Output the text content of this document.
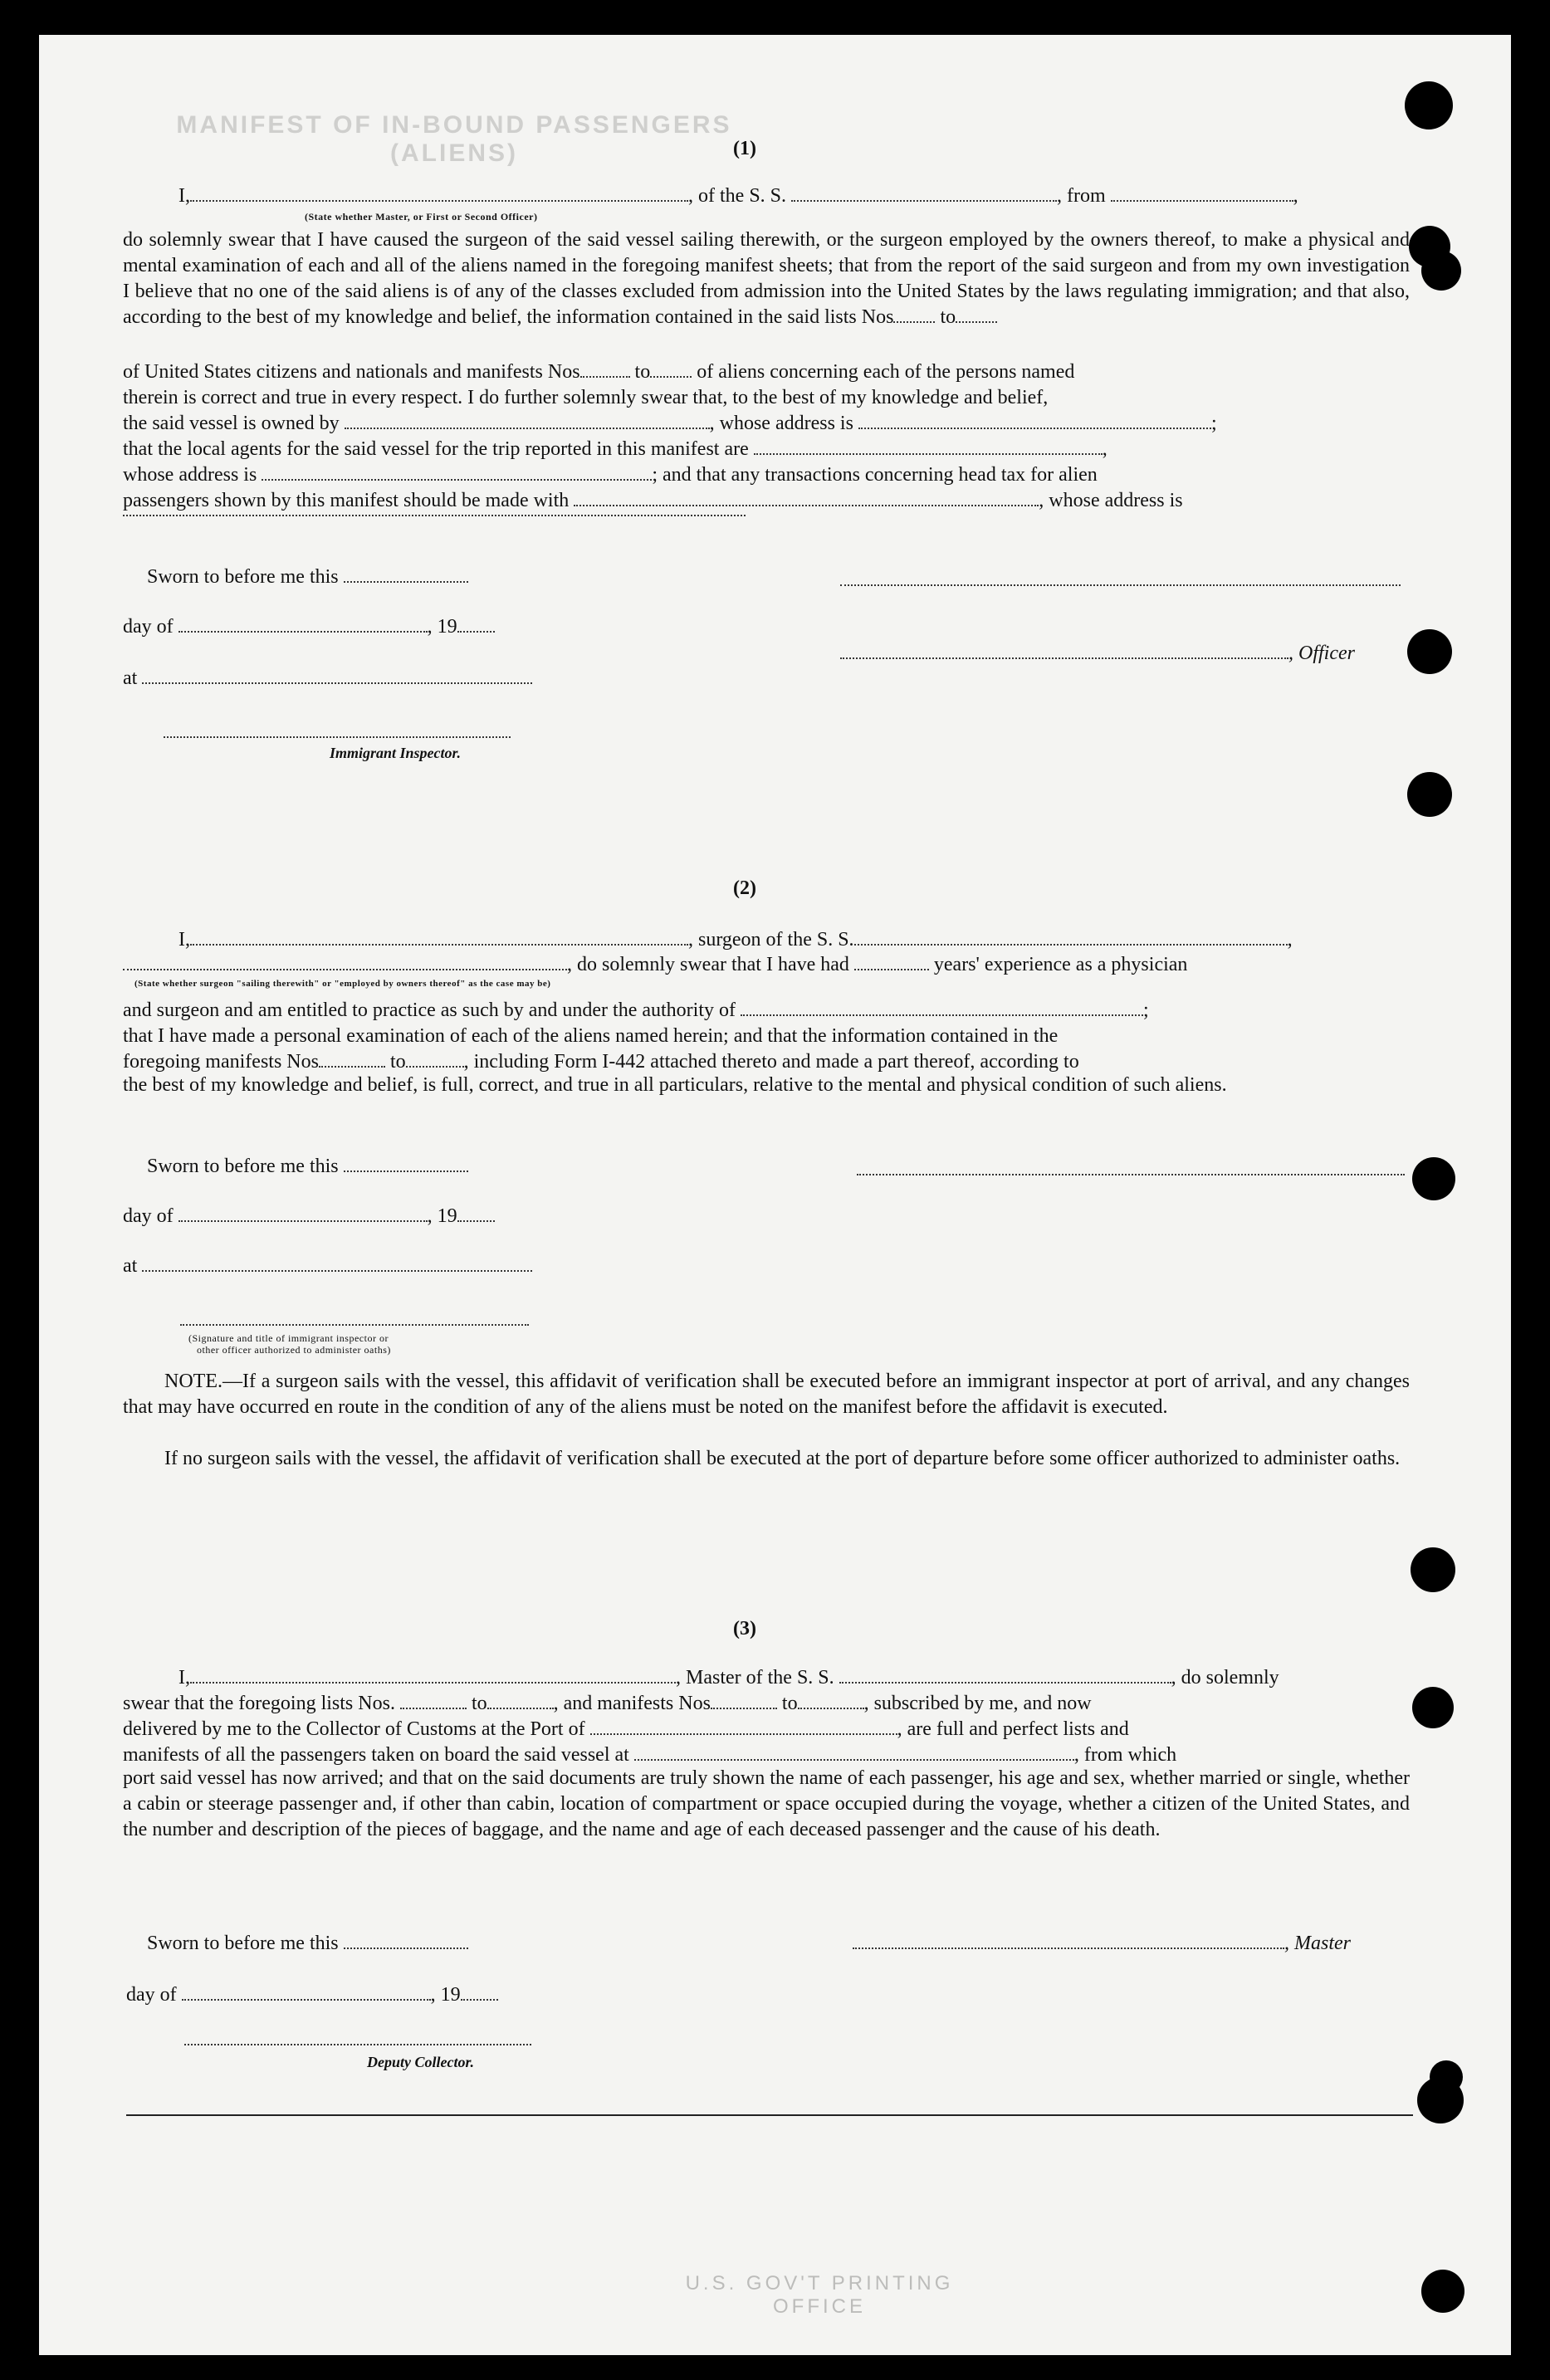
MANIFEST OF IN-BOUND PASSENGERS (ALIENS)
U.S. GOV'T PRINTING OFFICE
(1)
I,	, of the S. S.	, from	,
(State whether Master, or First or Second Officer)
do solemnly swear that I have caused the surgeon of the said vessel sailing therewith, or the surgeon employed by the owners thereof, to make a physical and mental examination of each and all of the aliens named in the foregoing manifest sheets; that from the report of the said surgeon and from my own investigation I believe that no one of the said aliens is of any of the classes excluded from admission into the United States by the laws regulating immigration; and that also, according to the best of my knowledge and belief, the information contained in the said lists Nos to
of United States citizens and nationals and manifests Nos	to of aliens concerning each of the persons named
therein is correct and true in every respect. I do further solemnly swear that, to the best of my knowledge and belief,
the said vessel is owned by	, whose address is	;
that the local agents for the said vessel for the trip reported in this manifest are	,
whose address is	; and that any transactions concerning head tax for alien
passengers shown by this manifest should be made with	, whose address is
Sworn to before me this
day of	, 19
, Officer
at
Immigrant Inspector.
(2)
I,	, surgeon of the S. S.	,
, do solemnly swear that I have had	years' experience as a physician
(State whether surgeon "sailing therewith" or "employed by owners thereof" as the case may be)
and surgeon and am entitled to practice as such by and under the authority of	;
that I have made a personal examination of each of the aliens named herein; and that the information contained in the
foregoing manifests Nos	to	, including Form I-442 attached thereto and made a part thereof, according to
the best of my knowledge and belief, is full, correct, and true in all particulars, relative to the mental and physical condition of such aliens.
Sworn to before me this
day of	, 19
at
(Signature and title of immigrant inspector or
other officer authorized to administer oaths)
NOTE.—If a surgeon sails with the vessel, this affidavit of verification shall be executed before an immigrant inspector at port of arrival, and any changes that may have occurred en route in the condition of any of the aliens must be noted on the manifest before the affidavit is executed.
If no surgeon sails with the vessel, the affidavit of verification shall be executed at the port of departure before some officer authorized to administer oaths.
(3)
I,	, Master of the S. S.	, do solemnly
swear that the foregoing lists Nos.	to	, and manifests Nos	to	, subscribed by me, and now
delivered by me to the Collector of Customs at the Port of	, are full and perfect lists and
manifests of all the passengers taken on board the said vessel at	, from which
port said vessel has now arrived; and that on the said documents are truly shown the name of each passenger, his age and sex, whether married or single, whether a cabin or steerage passenger and, if other than cabin, location of compartment or space occupied during the voyage, whether a citizen of the United States, and the number and description of the pieces of baggage, and the name and age of each deceased passenger and the cause of his death.
Sworn to before me this	, Master
day of	, 19
Deputy Collector.
